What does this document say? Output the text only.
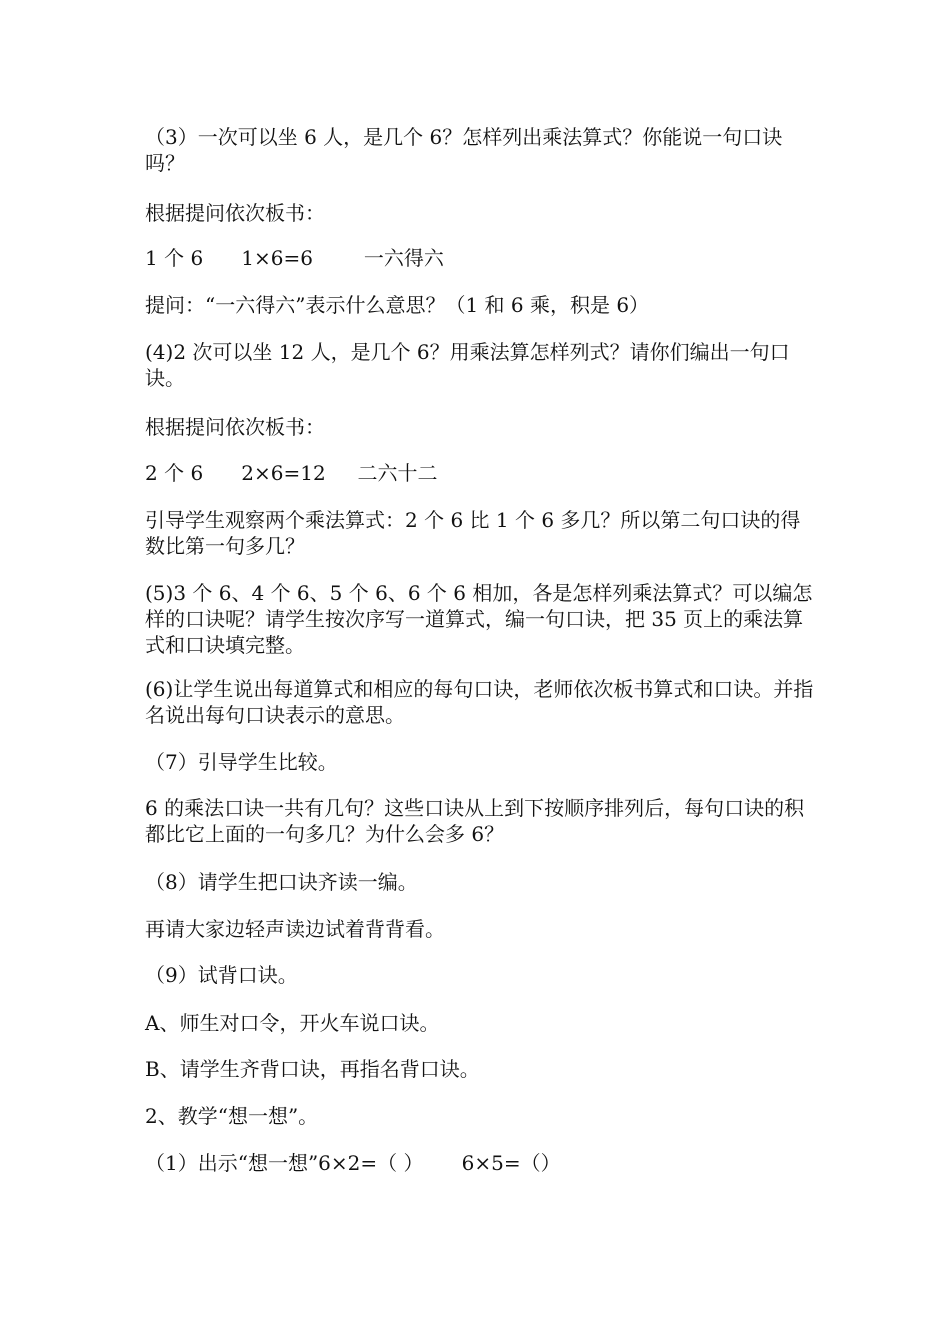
（3）一次可以坐 6 人，是几个 6？怎样列出乘法算式？你能说一句口诀吗？

根据提问依次板书：

1 个 6      1×6=6        一六得六

提问：“一六得六”表示什么意思？（1 和 6 乘，积是 6）

(4)2 次可以坐 12 人，是几个 6？用乘法算怎样列式？请你们编出一句口诀。

根据提问依次板书：

2 个 6      2×6=12     二六十二

引导学生观察两个乘法算式：2 个 6 比 1 个 6 多几？所以第二句口诀的得数比第一句多几？

(5)3 个 6、4 个 6、5 个 6、6 个 6 相加，各是怎样列乘法算式？可以编怎样的口诀呢？请学生按次序写一道算式，编一句口诀，把 35 页上的乘法算式和口诀填完整。

(6)让学生说出每道算式和相应的每句口诀，老师依次板书算式和口诀。并指名说出每句口诀表示的意思。

（7）引导学生比较。

6 的乘法口诀一共有几句？这些口诀从上到下按顺序排列后，每句口诀的积都比它上面的一句多几？为什么会多 6？

（8）请学生把口诀齐读一编。

再请大家边轻声读边试着背背看。

（9）试背口诀。

A、师生对口令，开火车说口诀。

B、请学生齐背口诀，再指名背口诀。

2、教学“想一想”。

（1）出示“想一想”6×2=（ ）      6×5=（）
